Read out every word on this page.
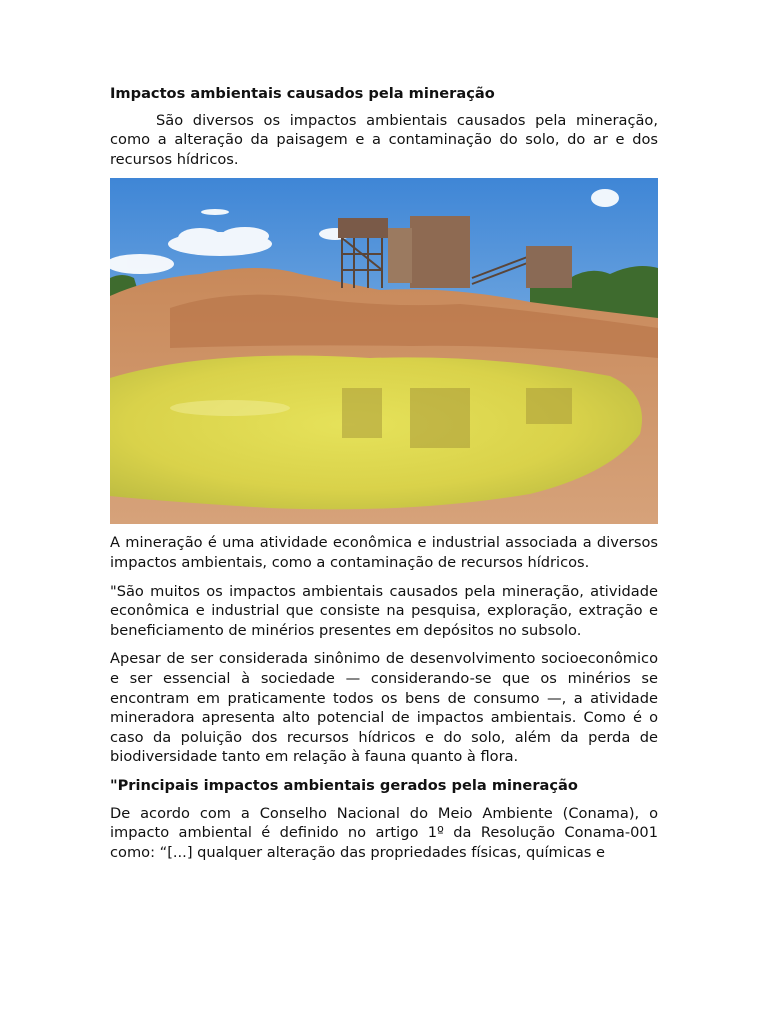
Impactos ambientais causados pela mineração

São diversos os impactos ambientais causados pela mineração, como a alteração da paisagem e a contaminação do solo, do ar e dos recursos hídricos.

A mineração é uma atividade econômica e industrial associada a diversos impactos ambientais, como a contaminação de recursos hídricos.

"São muitos os impactos ambientais causados pela mineração, atividade econômica e industrial que consiste na pesquisa, exploração, extração e beneficiamento de minérios presentes em depósitos no subsolo.

Apesar de ser considerada sinônimo de desenvolvimento socioeconômico e ser essencial à sociedade — considerando-se que os minérios se encontram em praticamente todos os bens de consumo —, a atividade mineradora apresenta alto potencial de impactos ambientais. Como é o caso da poluição dos recursos hídricos e do solo, além da perda de biodiversidade tanto em relação à fauna quanto à flora.

"Principais impactos ambientais gerados pela mineração

De acordo com a Conselho Nacional do Meio Ambiente (Conama), o impacto ambiental é definido no artigo 1º da Resolução Conama-001 como: “[...] qualquer alteração das propriedades físicas, químicas e
